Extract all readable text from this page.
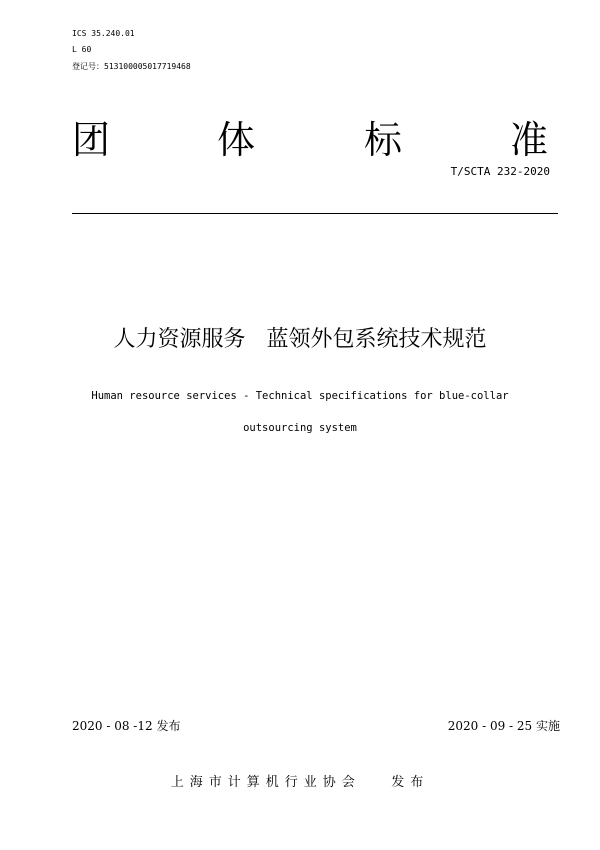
ICS 35.240.01
L 60
登记号：513100005017719468
团	体	标	准
T/SCTA 232-2020
人力资源服务   蓝领外包系统技术规范
Human resource services - Technical specifications for blue-collar
outsourcing system
2020 - 08 -12 发布	2020 - 09 - 25 实施
上海市计算机行业协会   发布
